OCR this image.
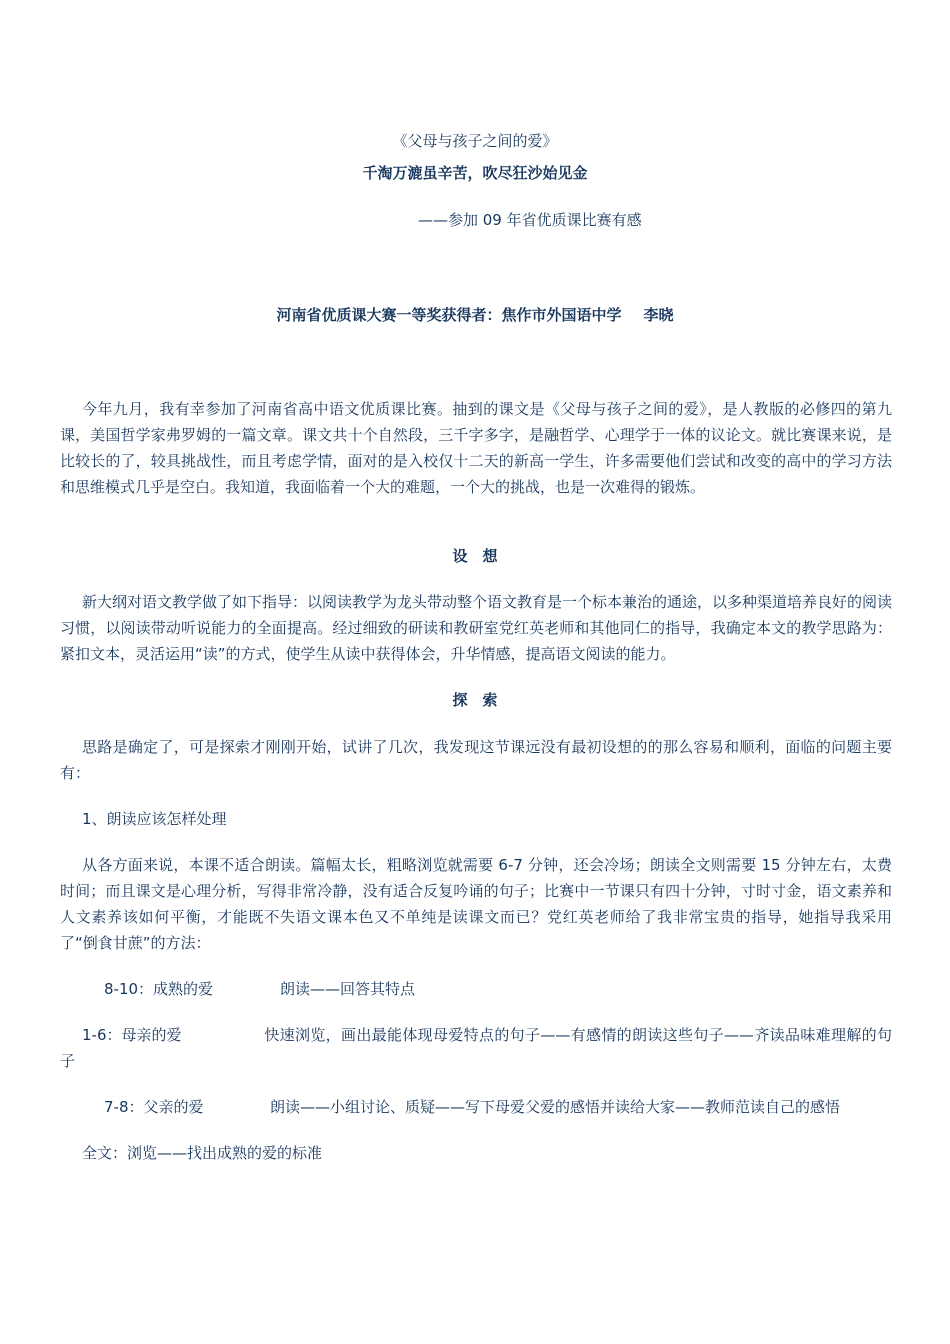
《父母与孩子之间的爱》
千淘万漉虽辛苦，吹尽狂沙始见金
——参加 09 年省优质课比赛有感
河南省优质课大赛一等奖获得者：焦作市外国语中学 李晓
今年九月，我有幸参加了河南省高中语文优质课比赛。抽到的课文是《父母与孩子之间的爱》，是人教版的必修四的第九课，美国哲学家弗罗姆的一篇文章。课文共十个自然段，三千字多字，是融哲学、心理学于一体的议论文。就比赛课来说，是比较长的了，较具挑战性，而且考虑学情，面对的是入校仅十二天的新高一学生，许多需要他们尝试和改变的高中的学习方法和思维模式几乎是空白。我知道，我面临着一个大的难题，一个大的挑战，也是一次难得的锻炼。
设　想
新大纲对语文教学做了如下指导：以阅读教学为龙头带动整个语文教育是一个标本兼治的通途，以多种渠道培养良好的阅读习惯，以阅读带动听说能力的全面提高。经过细致的研读和教研室党红英老师和其他同仁的指导，我确定本文的教学思路为：紧扣文本，灵活运用“读”的方式，使学生从读中获得体会，升华情感，提高语文阅读的能力。
探　索
思路是确定了，可是探索才刚刚开始，试讲了几次，我发现这节课远没有最初设想的的那么容易和顺利，面临的问题主要有：
1、朗读应该怎样处理
从各方面来说，本课不适合朗读。篇幅太长，粗略浏览就需要 6-7 分钟，还会冷场；朗读全文则需要 15 分钟左右，太费时间；而且课文是心理分析，写得非常冷静，没有适合反复吟诵的句子；比赛中一节课只有四十分钟，寸时寸金，语文素养和人文素养该如何平衡，才能既不失语文课本色又不单纯是读课文而已？党红英老师给了我非常宝贵的指导，她指导我采用了“倒食甘蔗”的方法：
8-10：成熟的爱	朗读——回答其特点
1-6：母亲的爱	快速浏览，画出最能体现母爱特点的句子——有感情的朗读这些句子——齐读品味难理解的句子
7-8：父亲的爱	朗读——小组讨论、质疑——写下母爱父爱的感悟并读给大家——教师范读自己的感悟
全文：浏览——找出成熟的爱的标准
